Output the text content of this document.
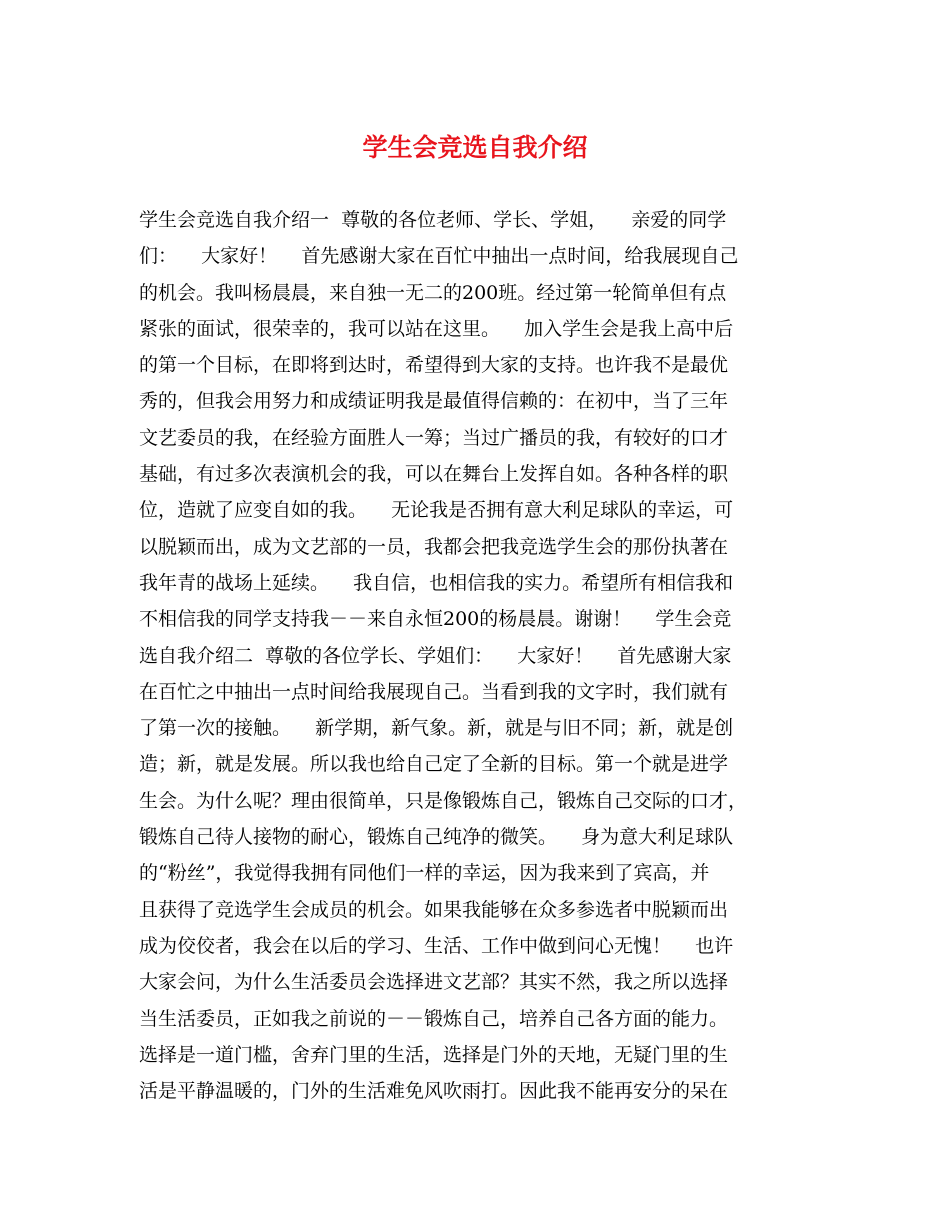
学生会竞选自我介绍
学生会竞选自我介绍一  尊敬的各位老师、学长、学姐，    亲爱的同学
们：    大家好！    首先感谢大家在百忙中抽出一点时间，给我展现自己
的机会。我叫杨晨晨，来自独一无二的200班。经过第一轮简单但有点
紧张的面试，很荣幸的，我可以站在这里。    加入学生会是我上高中后
的第一个目标，在即将到达时，希望得到大家的支持。也许我不是最优
秀的，但我会用努力和成绩证明我是最值得信赖的：在初中，当了三年
文艺委员的我，在经验方面胜人一筹；当过广播员的我，有较好的口才
基础，有过多次表演机会的我，可以在舞台上发挥自如。各种各样的职
位，造就了应变自如的我。    无论我是否拥有意大利足球队的幸运，可
以脱颖而出，成为文艺部的一员，我都会把我竞选学生会的那份执著在
我年青的战场上延续。    我自信，也相信我的实力。希望所有相信我和
不相信我的同学支持我－－来自永恒200的杨晨晨。谢谢！    学生会竞
选自我介绍二  尊敬的各位学长、学姐们：    大家好！    首先感谢大家
在百忙之中抽出一点时间给我展现自己。当看到我的文字时，我们就有
了第一次的接触。    新学期，新气象。新，就是与旧不同；新，就是创
造；新，就是发展。所以我也给自己定了全新的目标。第一个就是进学
生会。为什么呢？理由很简单，只是像锻炼自己，锻炼自己交际的口才，
锻炼自己待人接物的耐心，锻炼自己纯净的微笑。    身为意大利足球队
的“粉丝”，我觉得我拥有同他们一样的幸运，因为我来到了宾高，并
且获得了竞选学生会成员的机会。如果我能够在众多参选者中脱颖而出
成为佼佼者，我会在以后的学习、生活、工作中做到问心无愧！    也许
大家会问，为什么生活委员会选择进文艺部？其实不然，我之所以选择
当生活委员，正如我之前说的－－锻炼自己，培养自己各方面的能力。
选择是一道门槛，舍弃门里的生活，选择是门外的天地，无疑门里的生
活是平静温暖的，门外的生活难免风吹雨打。因此我不能再安分的呆在
